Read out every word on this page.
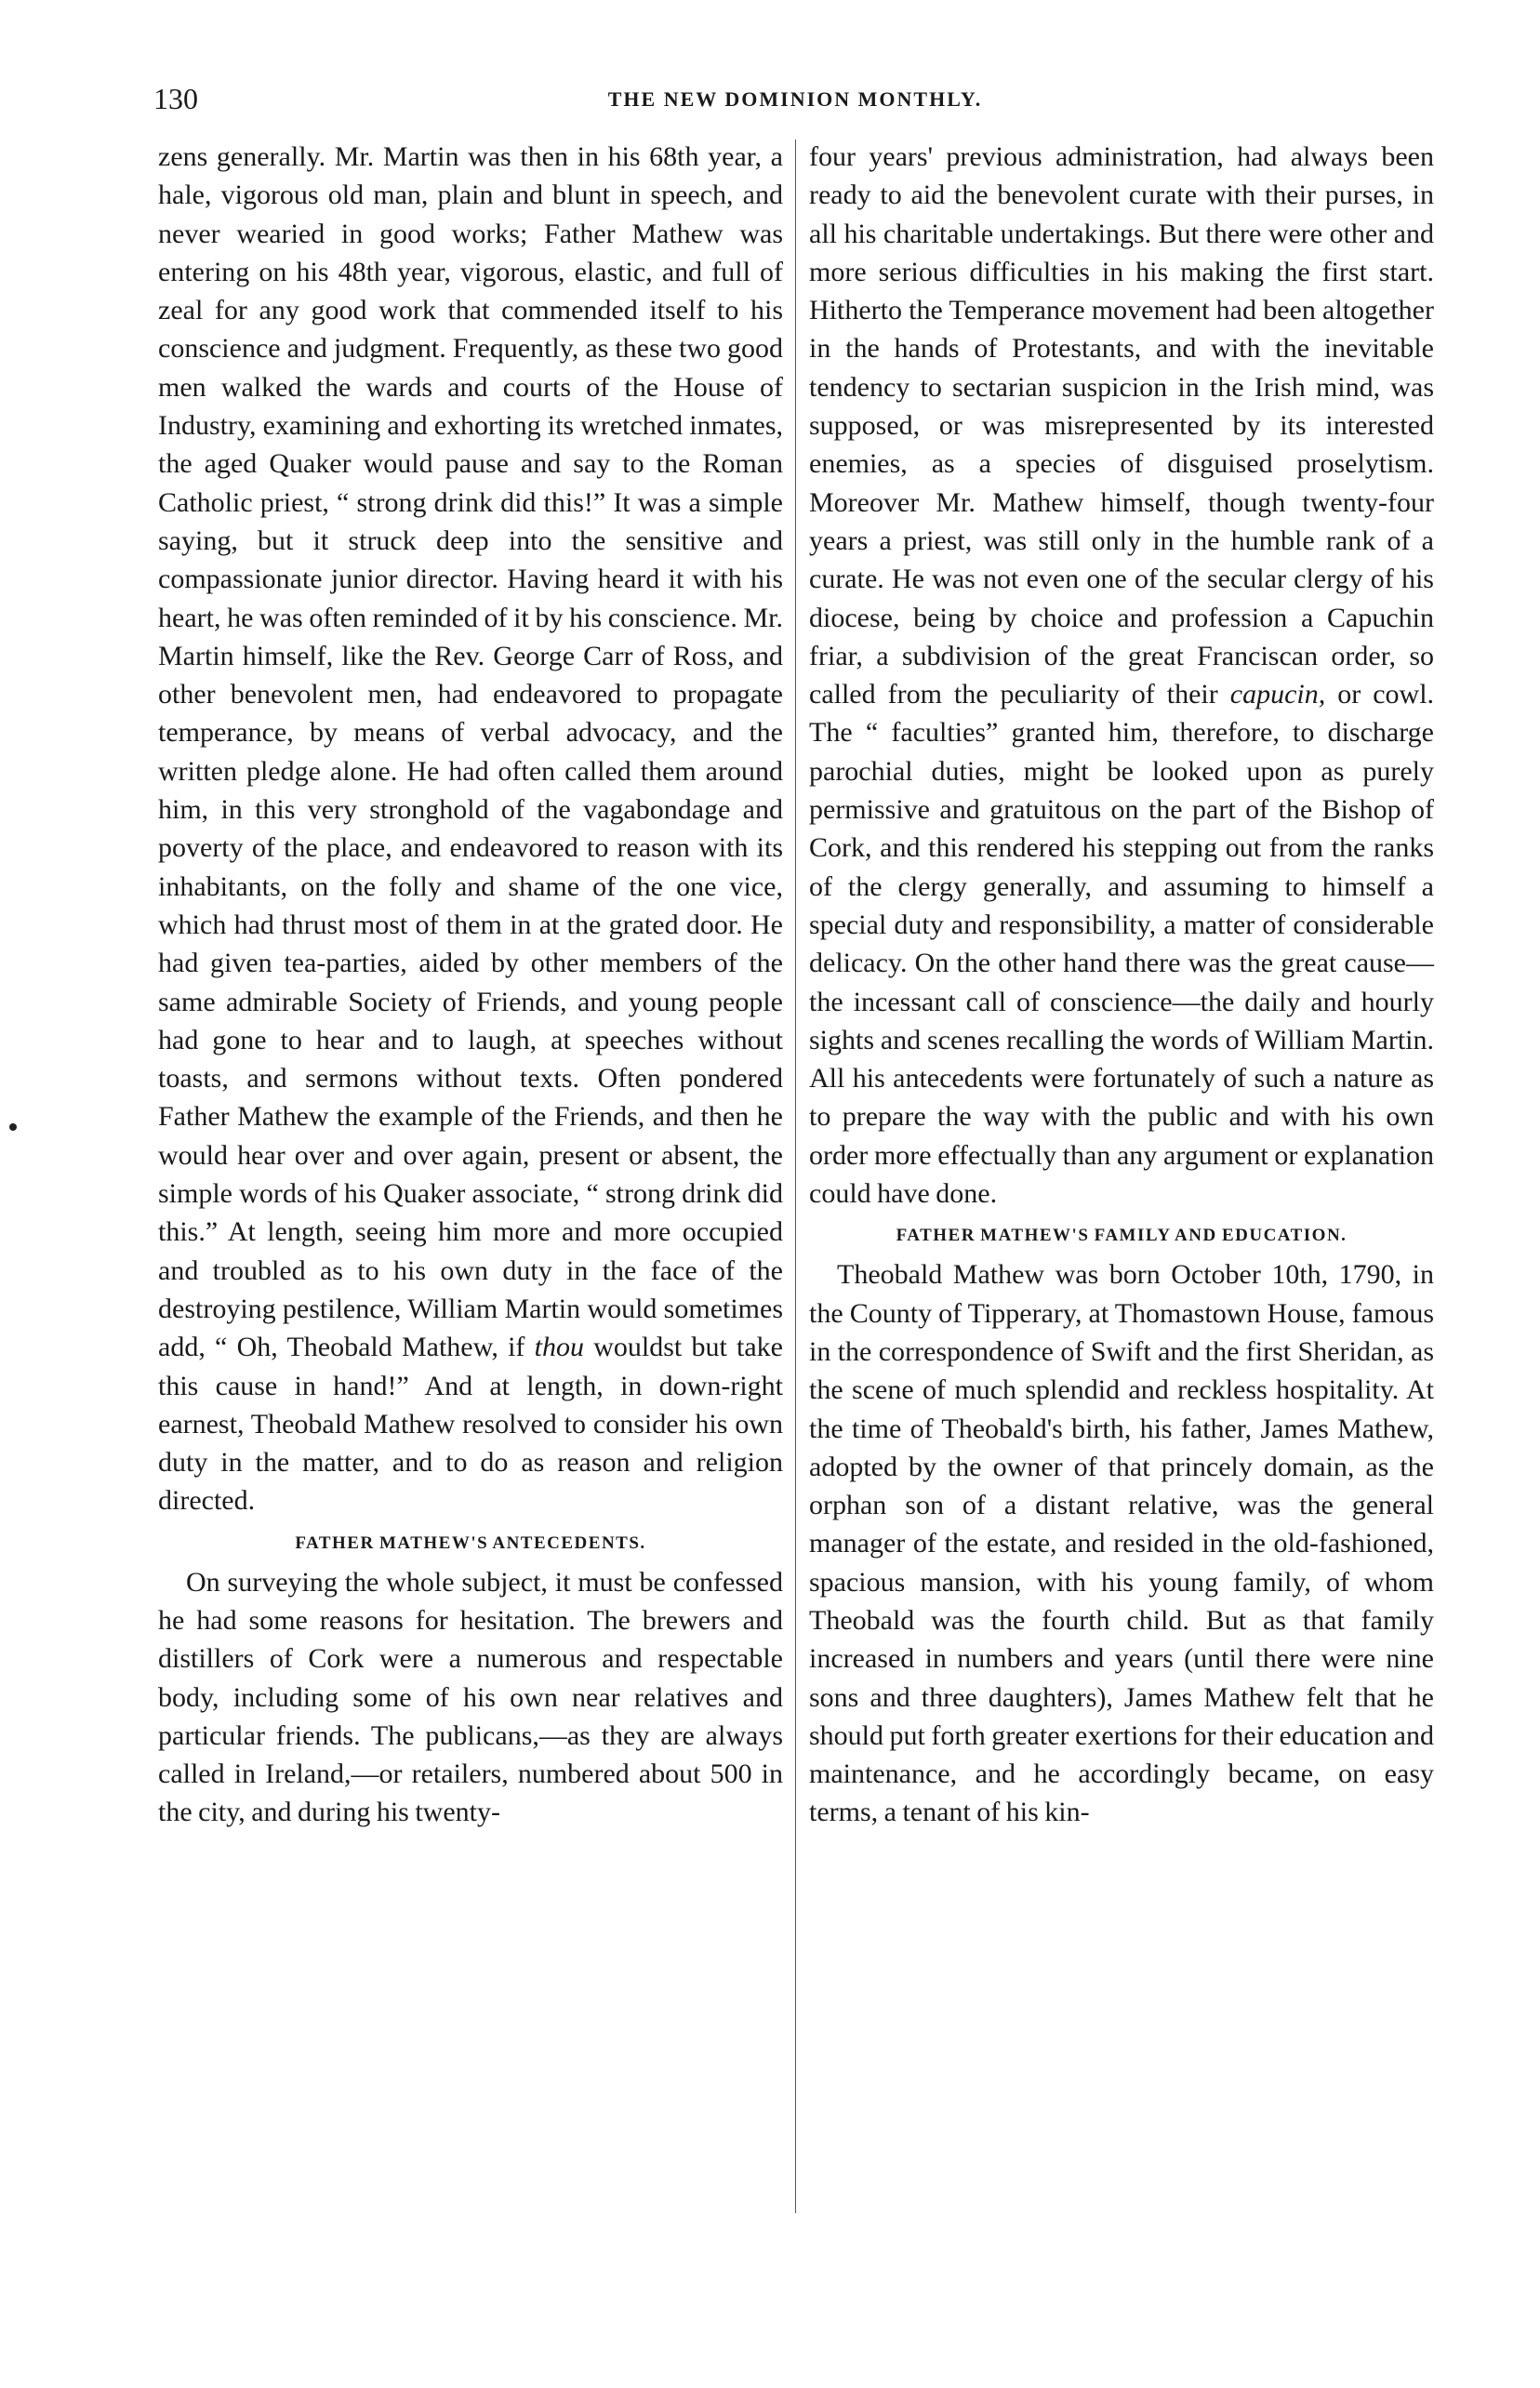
130	THE NEW DOMINION MONTHLY.

zens generally. Mr. Martin was then in his 68th year, a hale, vigorous old man, plain and blunt in speech, and never wearied in good works; Father Mathew was entering on his 48th year, vigorous, elastic, and full of zeal for any good work that commended itself to his conscience and judgment. Frequently, as these two good men walked the wards and courts of the House of Industry, examining and exhorting its wretched inmates, the aged Quaker would pause and say to the Roman Catholic priest, “ strong drink did this!” It was a simple saying, but it struck deep into the sensitive and compassionate junior director. Having heard it with his heart, he was often reminded of it by his conscience. Mr. Martin himself, like the Rev. George Carr of Ross, and other benevolent men, had endeavored to propagate temperance, by means of verbal advocacy, and the written pledge alone. He had often called them around him, in this very stronghold of the vagabondage and poverty of the place, and endeavored to reason with its inhabitants, on the folly and shame of the one vice, which had thrust most of them in at the grated door. He had given tea-parties, aided by other members of the same admirable Society of Friends, and young people had gone to hear and to laugh, at speeches without toasts, and sermons without texts. Often pondered Father Mathew the example of the Friends, and then he would hear over and over again, present or absent, the simple words of his Quaker associate, “ strong drink did this.” At length, seeing him more and more occupied and troubled as to his own duty in the face of the destroying pestilence, William Martin would sometimes add, “ Oh, Theobald Mathew, if thou wouldst but take this cause in hand!” And at length, in down-right earnest, Theobald Mathew resolved to consider his own duty in the matter, and to do as reason and religion directed.

FATHER MATHEW'S ANTECEDENTS.

On surveying the whole subject, it must be confessed he had some reasons for hesitation. The brewers and distillers of Cork were a numerous and respectable body, including some of his own near relatives and particular friends. The publicans,—as they are always called in Ireland,—or retailers, numbered about 500 in the city, and during his twenty-

four years' previous administration, had always been ready to aid the benevolent curate with their purses, in all his charitable undertakings. But there were other and more serious difficulties in his making the first start. Hitherto the Temperance movement had been altogether in the hands of Protestants, and with the inevitable tendency to sectarian suspicion in the Irish mind, was supposed, or was misrepresented by its interested enemies, as a species of disguised proselytism. Moreover Mr. Mathew himself, though twenty-four years a priest, was still only in the humble rank of a curate. He was not even one of the secular clergy of his diocese, being by choice and profession a Capuchin friar, a subdivision of the great Franciscan order, so called from the peculiarity of their capucin, or cowl. The “ faculties” granted him, therefore, to discharge parochial duties, might be looked upon as purely permissive and gratuitous on the part of the Bishop of Cork, and this rendered his stepping out from the ranks of the clergy generally, and assuming to himself a special duty and responsibility, a matter of considerable delicacy. On the other hand there was the great cause—the incessant call of conscience—the daily and hourly sights and scenes recalling the words of William Martin. All his antecedents were fortunately of such a nature as to prepare the way with the public and with his own order more effectually than any argument or explanation could have done.

FATHER MATHEW'S FAMILY AND EDUCATION.

Theobald Mathew was born October 10th, 1790, in the County of Tipperary, at Thomastown House, famous in the correspondence of Swift and the first Sheridan, as the scene of much splendid and reckless hospitality. At the time of Theobald's birth, his father, James Mathew, adopted by the owner of that princely domain, as the orphan son of a distant relative, was the general manager of the estate, and resided in the old-fashioned, spacious mansion, with his young family, of whom Theobald was the fourth child. But as that family increased in numbers and years (until there were nine sons and three daughters), James Mathew felt that he should put forth greater exertions for their education and maintenance, and he accordingly became, on easy terms, a tenant of his kin-
